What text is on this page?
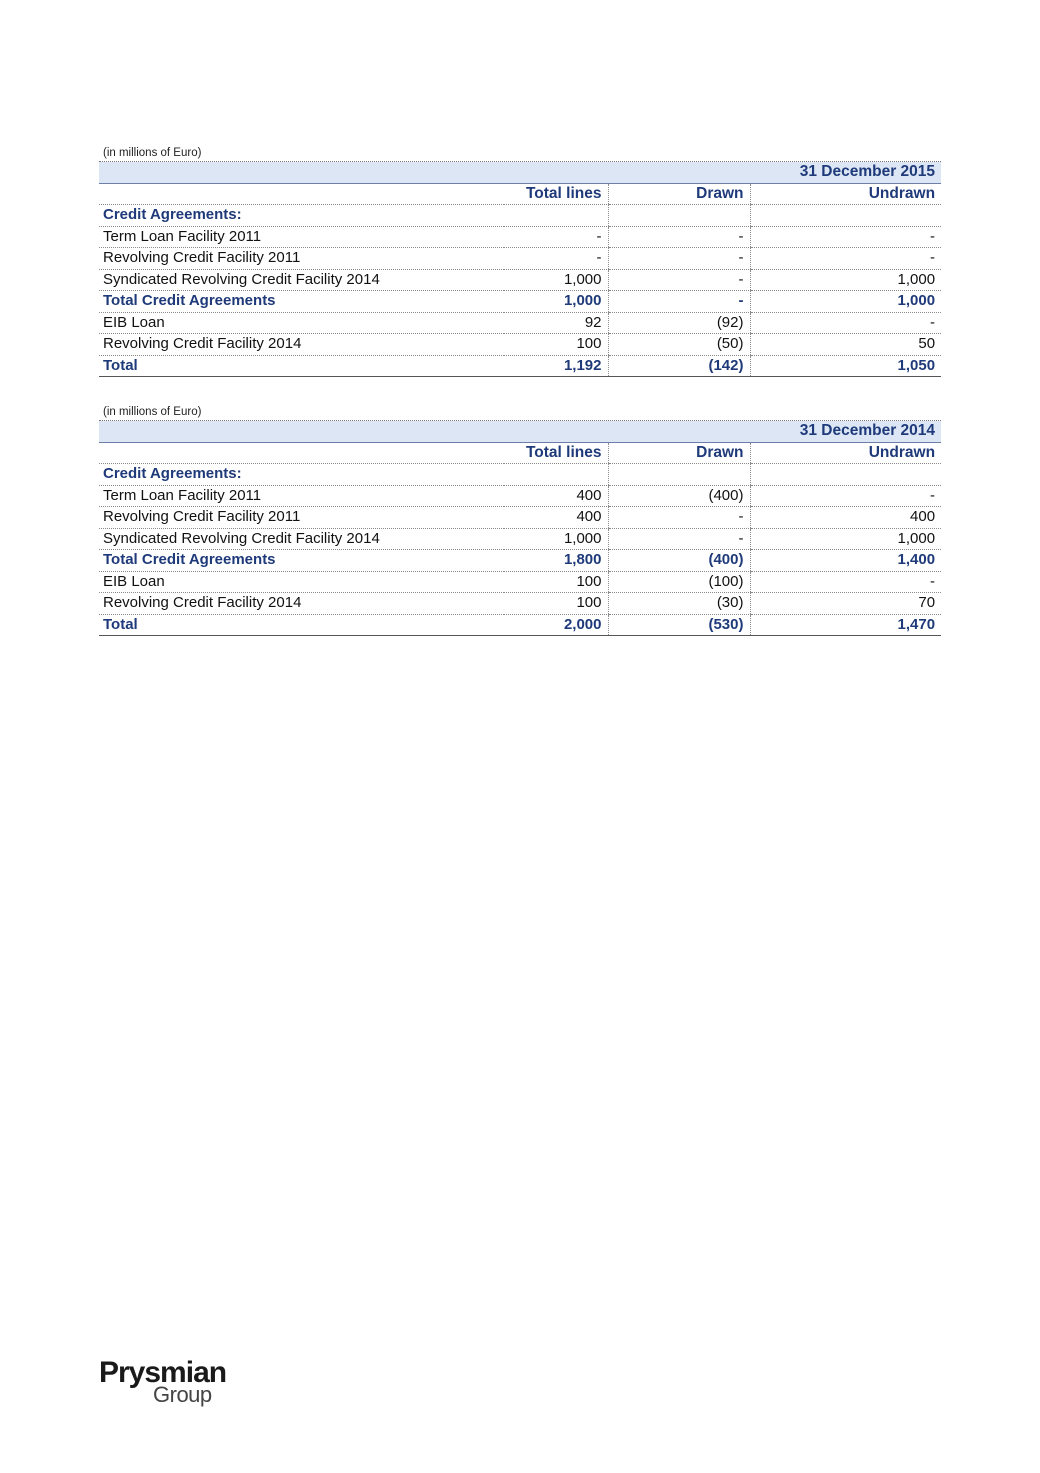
(in millions of Euro)
31 December 2015			
	Total lines	Drawn	Undrawn
Credit Agreements:			
Term Loan Facility 2011	-	-	-
Revolving Credit Facility 2011	-	-	-
Syndicated Revolving Credit Facility 2014	1,000	-	1,000
Total Credit Agreements	1,000	-	1,000
EIB Loan	92	(92)	-
Revolving Credit Facility 2014	100	(50)	50
Total	1,192	(142)	1,050
(in millions of Euro)
31 December 2014			
	Total lines	Drawn	Undrawn
Credit Agreements:			
Term Loan Facility 2011	400	(400)	-
Revolving Credit Facility 2011	400	-	400
Syndicated Revolving Credit Facility 2014	1,000	-	1,000
Total Credit Agreements	1,800	(400)	1,400
EIB Loan	100	(100)	-
Revolving Credit Facility 2014	100	(30)	70
Total	2,000	(530)	1,470
Prysmian
Group
